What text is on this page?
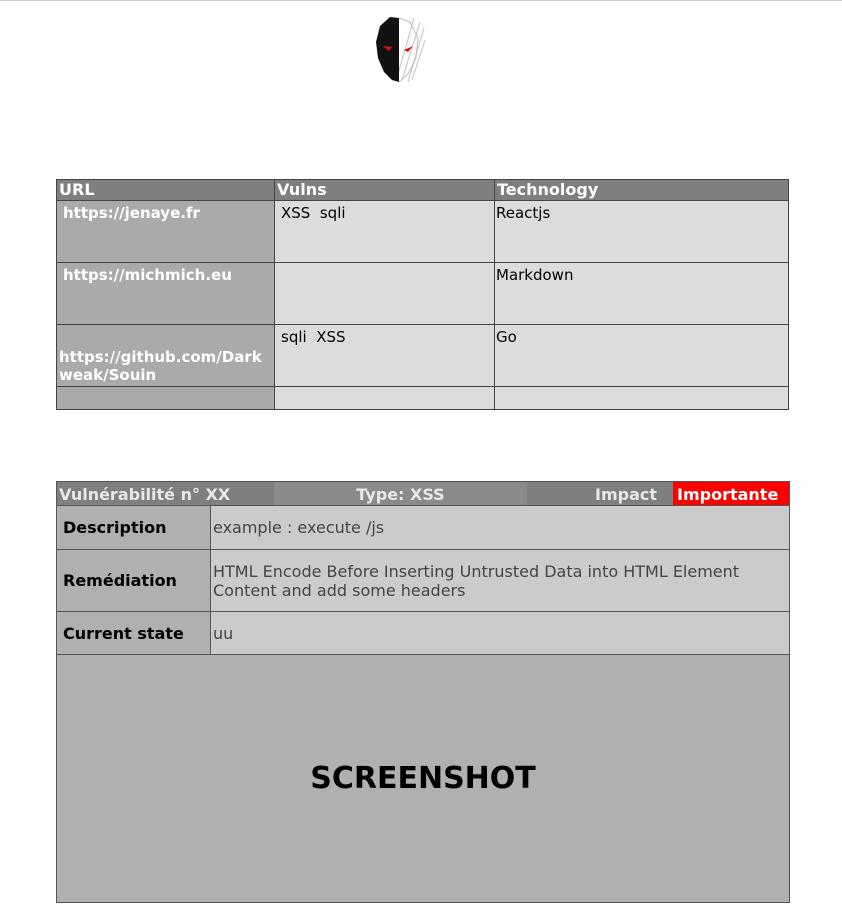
URL	Vulns	Technology

https://jenaye.fr	XSS  sqli	Reactjs

https://michmich.eu		Markdown

https://github.com/Darkweak/Souin	sqli  XSS	Go

Vulnérabilité n° XX	Type: XSS	Impact	Importante
Description	example : execute /js
Remédiation	HTML Encode Before Inserting Untrusted Data into HTML Element Content and add some headers
Current state	uu
SCREENSHOT
